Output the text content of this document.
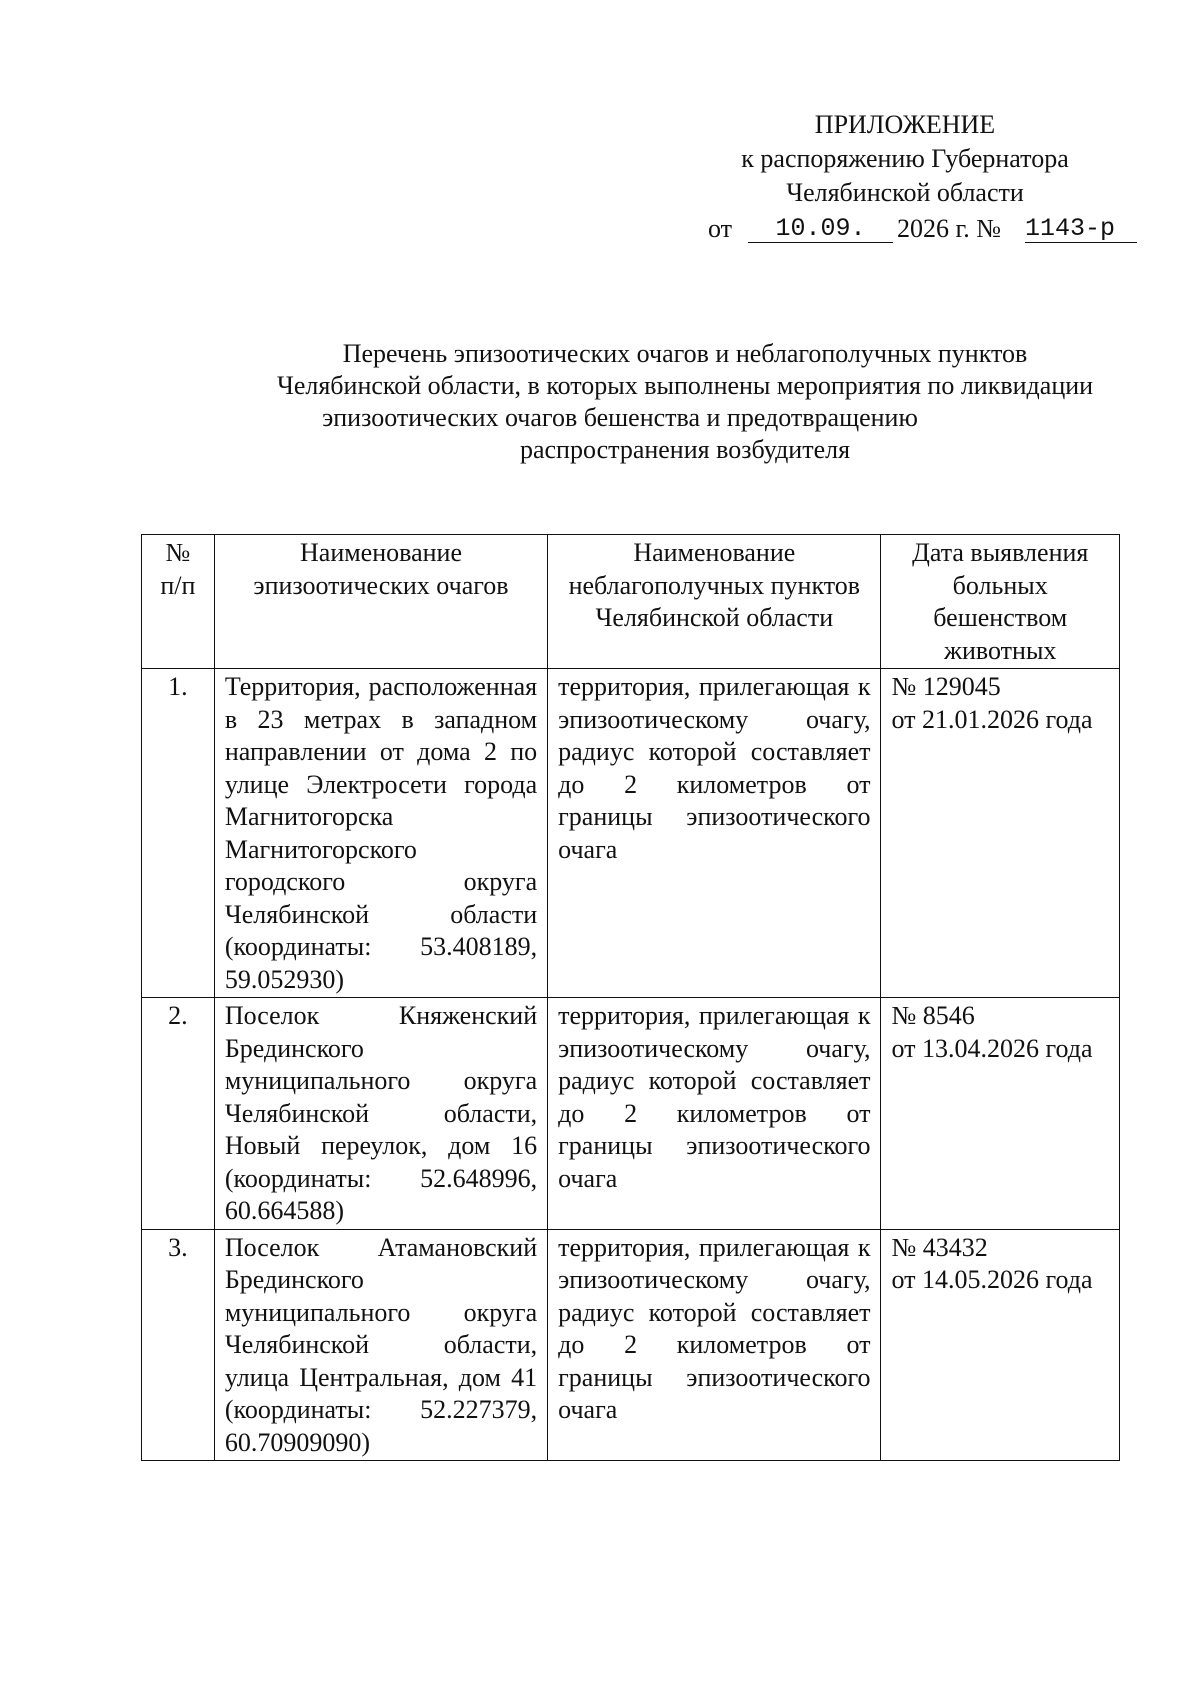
ПРИЛОЖЕНИЕ
к распоряжению Губернатора
Челябинской области
от	10.09.	2026 г. № 1143-р
Перечень эпизоотических очагов и неблагополучных пунктов
Челябинской области, в которых выполнены мероприятия по ликвидации
эпизоотических очагов бешенства и предотвращению
распространения возбудителя
№ п/п	Наименование эпизоотических очагов	Наименование неблагополучных пунктов Челябинской области	Дата выявления больных бешенством животных
1.	Территория, расположенная в 23 метрах в западном направлении от дома 2 по улице Электросети города Магнитогорска Магнитогорского городского округа Челябинской области (координаты: 53.408189, 59.052930)	территория, прилегающая к эпизоотическому очагу, радиус которой составляет до 2 километров от границы эпизоотического очага	№ 129045
от 21.01.2026 года

2.	Поселок Княженский Брединского муниципального округа Челябинской области, Новый переулок, дом 16 (координаты: 52.648996, 60.664588)	территория, прилегающая к эпизоотическому очагу, радиус которой составляет до 2 километров от границы эпизоотического очага	№ 8546
от 13.04.2026 года

3.	Поселок Атамановский Брединского муниципального округа Челябинской области, улица Центральная, дом 41 (координаты: 52.227379, 60.70909090)	территория, прилегающая к эпизоотическому очагу, радиус которой составляет до 2 километров от границы эпизоотического очага	№ 43432
от 14.05.2026 года
